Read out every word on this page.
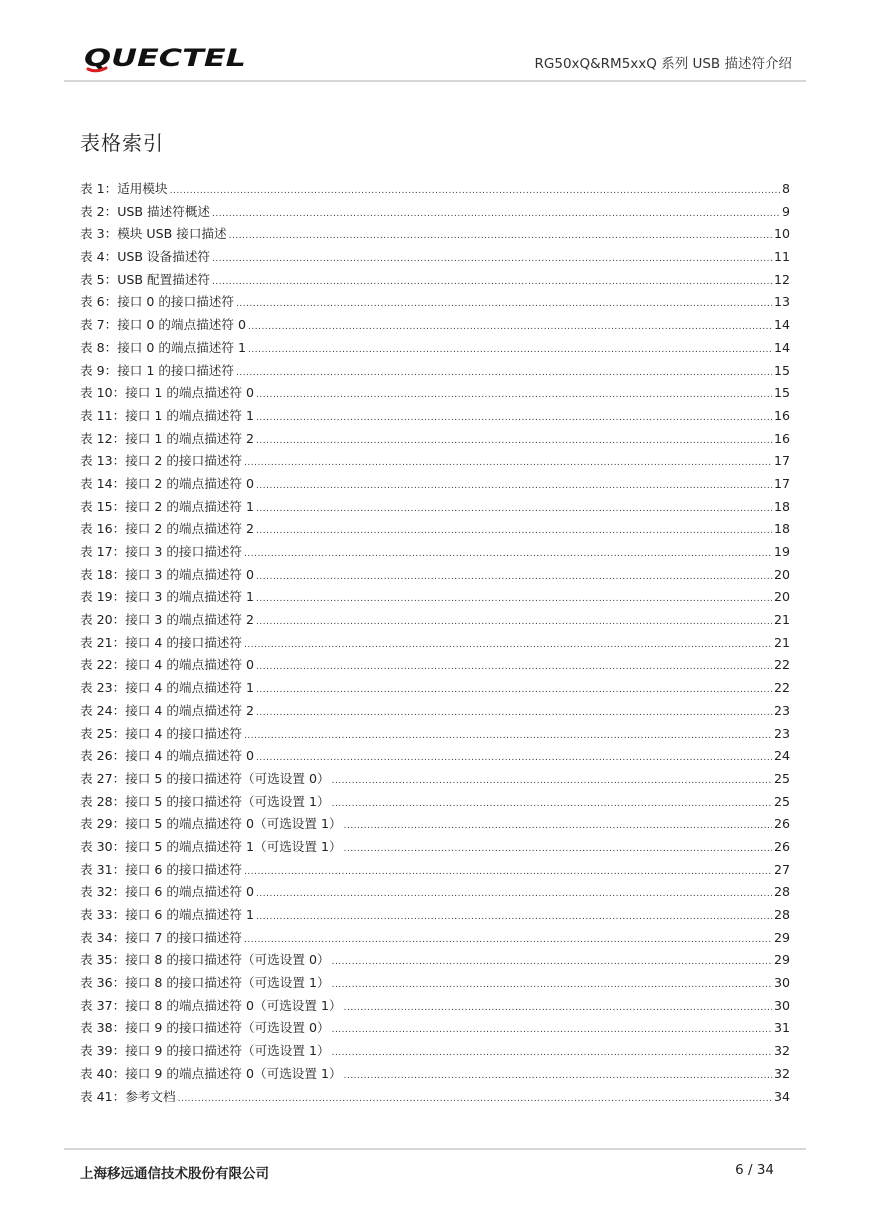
QUECTEL	RG50xQ&RM5xxQ 系列 USB 描述符介绍
表格索引
表 1：适用模块 .....	8
表 2：USB 描述符概述 .....	9
表 3：模块 USB 接口描述 .....	10
表 4：USB 设备描述符 .....	11
表 5：USB 配置描述符 .....	12
表 6：接口 0 的接口描述符 .....	13
表 7：接口 0 的端点描述符 0 .....	14
表 8：接口 0 的端点描述符 1 .....	14
表 9：接口 1 的接口描述符 .....	15
表 10：接口 1 的端点描述符 0 .....	15
表 11：接口 1 的端点描述符 1 .....	16
表 12：接口 1 的端点描述符 2 .....	16
表 13：接口 2 的接口描述符 .....	17
表 14：接口 2 的端点描述符 0 .....	17
表 15：接口 2 的端点描述符 1 .....	18
表 16：接口 2 的端点描述符 2 .....	18
表 17：接口 3 的接口描述符 .....	19
表 18：接口 3 的端点描述符 0 .....	20
表 19：接口 3 的端点描述符 1 .....	20
表 20：接口 3 的端点描述符 2 .....	21
表 21：接口 4 的接口描述符 .....	21
表 22：接口 4 的端点描述符 0 .....	22
表 23：接口 4 的端点描述符 1 .....	22
表 24：接口 4 的端点描述符 2 .....	23
表 25：接口 4 的接口描述符 .....	23
表 26：接口 4 的端点描述符 0 .....	24
表 27：接口 5 的接口描述符（可选设置 0） .....	25
表 28：接口 5 的接口描述符（可选设置 1） .....	25
表 29：接口 5 的端点描述符 0（可选设置 1） .....	26
表 30：接口 5 的端点描述符 1（可选设置 1） .....	26
表 31：接口 6 的接口描述符 .....	27
表 32：接口 6 的端点描述符 0 .....	28
表 33：接口 6 的端点描述符 1 .....	28
表 34：接口 7 的接口描述符 .....	29
表 35：接口 8 的接口描述符（可选设置 0） .....	29
表 36：接口 8 的接口描述符（可选设置 1） .....	30
表 37：接口 8 的端点描述符 0（可选设置 1） .....	30
表 38：接口 9 的接口描述符（可选设置 0） .....	31
表 39：接口 9 的接口描述符（可选设置 1） .....	32
表 40：接口 9 的端点描述符 0（可选设置 1） .....	32
表 41：参考文档 .....	34
上海移远通信技术股份有限公司	6 / 34
